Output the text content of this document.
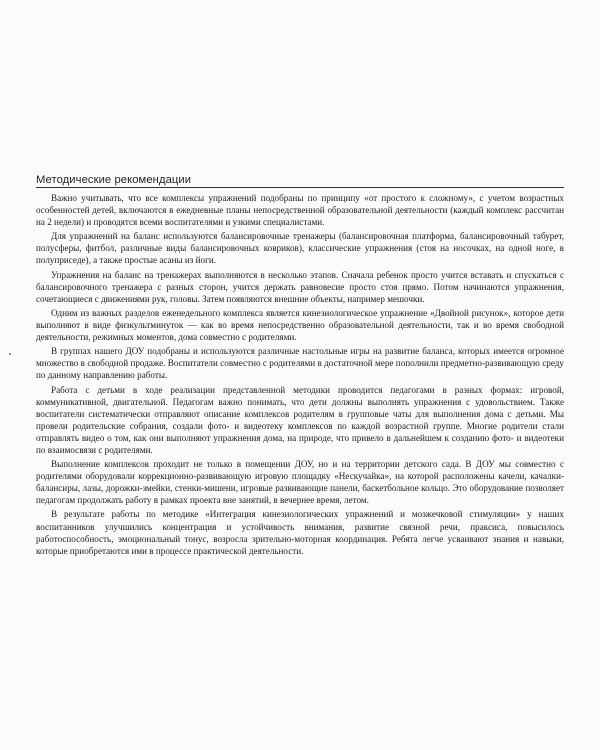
Методические рекомендации

Важно учитывать, что все комплексы упражнений подобраны по принципу «от простого к сложному», с учетом возрастных особенностей детей, включаются в ежедневные планы непосредственной образовательной деятельности (каждый комплекс рассчитан на 2 недели) и проводятся всеми воспитателями и узкими специалистами.

Для упражнений на баланс используются балансировочные тренажеры (балансировочная платформа, балансировочный табурет, полусферы, фитбол, различные виды балансировочных ковриков), классические упражнения (стоя на носочках, на одной ноге, в полуприседе), а также простые асаны из йоги.

Упражнения на баланс на тренажерах выполняются в несколько этапов. Сначала ребенок просто учится вставать и спускаться с балансировочного тренажера с разных сторон, учится держать равновесие просто стоя прямо. Потом начинаются упражнения, сочетающиеся с движениями рук, головы. Затем появляются внешние объекты, например мешочки.

Одним из важных разделов еженедельного комплекса является кинезиологическое упражнение «Двойной рисунок», которое дети выполняют в виде физкультминуток — как во время непосредственно образовательной деятельности, так и во время свободной деятельности, режимных моментов, дома совместно с родителями.

В группах нашего ДОУ подобраны и используются различные настольные игры на развитие баланса, которых имеется огромное множество в свободной продаже. Воспитатели совместно с родителями в достаточной мере пополнили предметно-развивающую среду по данному направлению работы.

Работа с детьми в ходе реализации представленной методики проводится педагогами в разных формах: игровой, коммуникативной, двигательной. Педагогам важно понимать, что дети должны выполнять упражнения с удовольствием. Также воспитатели систематически отправляют описание комплексов родителям в групповые чаты для выполнения дома с детьми. Мы провели родительские собрания, создали фото- и видеотеку комплексов по каждой возрастной группе. Многие родители стали отправлять видео о том, как они выполняют упражнения дома, на природе, что привело в дальнейшем к созданию фото- и видеотеки по взаимосвязи с родителями.

Выполнение комплексов проходит не только в помещении ДОУ, но и на территории детского сада. В ДОУ мы совместно с родителями оборудовали коррекционно-развивающую игровую площадку «Нескучайка», на которой расположены качели, качалки-балансиры, лазы, дорожки-змейки, стенки-мишени, игровые развивающие панели, баскетбольное кольцо. Это оборудование позволяет педагогам продолжать работу в рамках проекта вне занятий, в вечернее время, летом.

В результате работы по методике «Интеграция кинезиологических упражнений и мозжечковой стимуляции» у наших воспитанников улучшились концентрация и устойчивость внимания, развитие связной речи, праксиса, повысилось работоспособность, эмоциональный тонус, возросла зрительно-моторная координация. Ребята легче усваивают знания и навыки, которые приобретаются ими в процессе практической деятельности.
